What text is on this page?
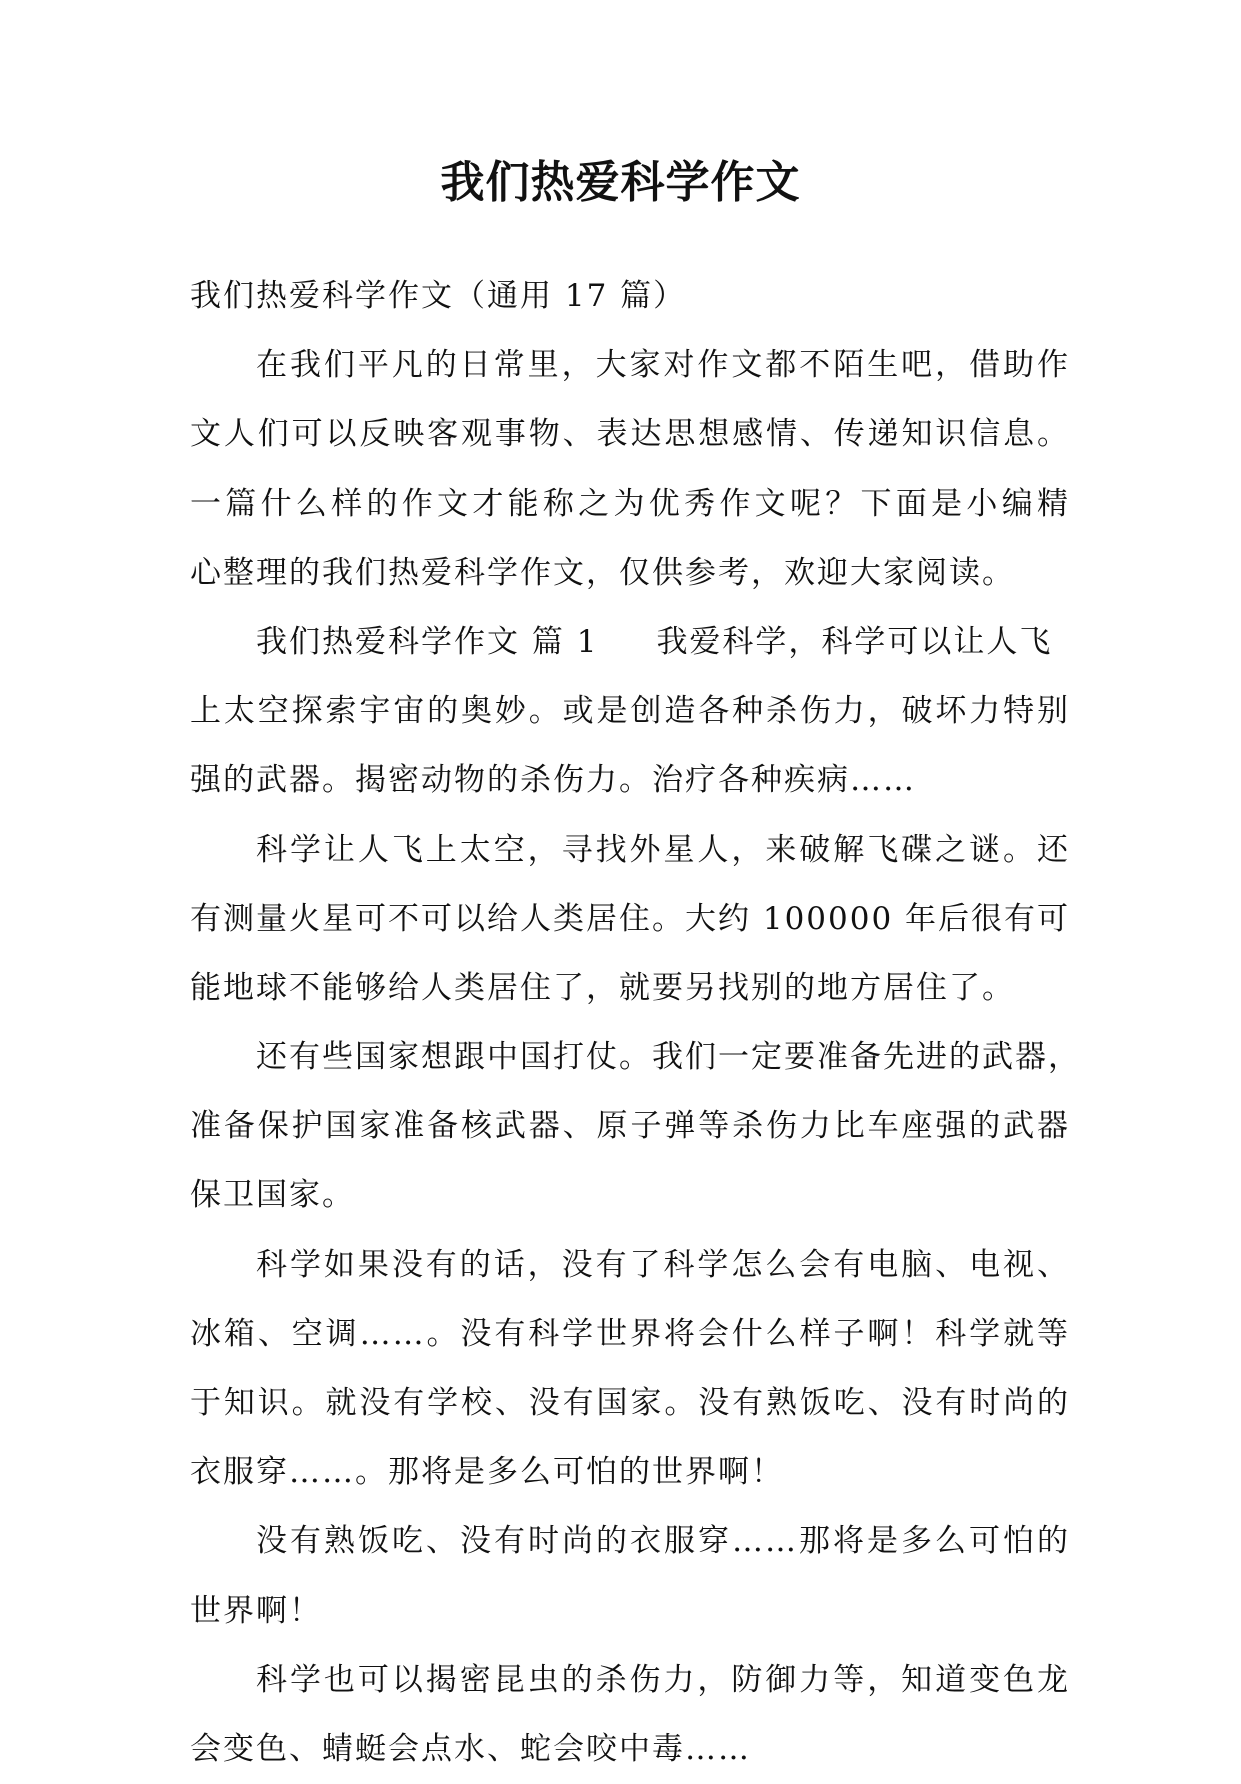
我们热爱科学作文
我们热爱科学作文（通用 17 篇）
在我们平凡的日常里，大家对作文都不陌生吧，借助作
文人们可以反映客观事物、表达思想感情、传递知识信息。
一篇什么样的作文才能称之为优秀作文呢？下面是小编精
心整理的我们热爱科学作文，仅供参考，欢迎大家阅读。
我们热爱科学作文 篇 1 我爱科学，科学可以让人飞
上太空探索宇宙的奥妙。或是创造各种杀伤力，破坏力特别
强的武器。揭密动物的杀伤力。治疗各种疾病……
科学让人飞上太空，寻找外星人，来破解飞碟之谜。还
有测量火星可不可以给人类居住。大约 100000 年后很有可
能地球不能够给人类居住了，就要另找别的地方居住了。
还有些国家想跟中国打仗。我们一定要准备先进的武器，
准备保护国家准备核武器、原子弹等杀伤力比车座强的武器
保卫国家。
科学如果没有的话，没有了科学怎么会有电脑、电视、
冰箱、空调……。没有科学世界将会什么样子啊！科学就等
于知识。就没有学校、没有国家。没有熟饭吃、没有时尚的
衣服穿……。那将是多么可怕的世界啊！
没有熟饭吃、没有时尚的衣服穿……那将是多么可怕的
世界啊！
科学也可以揭密昆虫的杀伤力，防御力等，知道变色龙
会变色、蜻蜓会点水、蛇会咬中毒……
